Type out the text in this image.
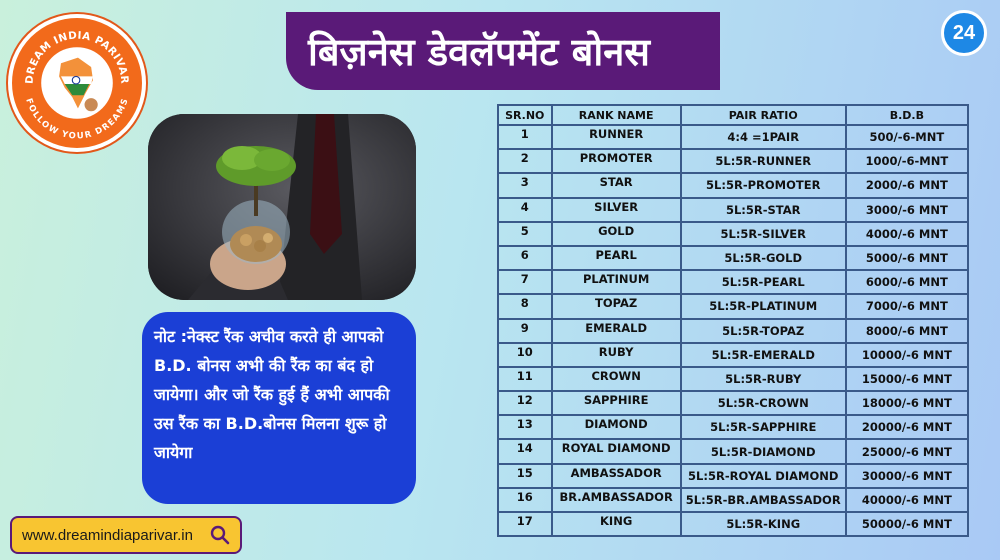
DREAM INDIA PARIVAR
FOLLOW YOUR DREAMS
बिज़नेस डेवलॅपमेंट बोनस	24

नोट :नेक्स्ट रैंक अचीव करते ही आपको B.D. बोनस अभी की रैंक का बंद हो जायेगा। और जो रैंक हुई हैं अभी आपकी उस रैंक का B.D.बोनस मिलना शुरू हो जायेगा

www.dreamindiaparivar.in
SR.NO	RANK NAME	PAIR RATIO	B.D.B
1	RUNNER	4:4 =1PAIR	500/-6-MNT
2	PROMOTER	5L:5R-RUNNER	1000/-6-MNT
3	STAR	5L:5R-PROMOTER	2000/-6 MNT
4	SILVER	5L:5R-STAR	3000/-6 MNT
5	GOLD	5L:5R-SILVER	4000/-6 MNT
6	PEARL	5L:5R-GOLD	5000/-6 MNT
7	PLATINUM	5L:5R-PEARL	6000/-6 MNT
8	TOPAZ	5L:5R-PLATINUM	7000/-6 MNT
9	EMERALD	5L:5R-TOPAZ	8000/-6 MNT
10	RUBY	5L:5R-EMERALD	10000/-6 MNT
11	CROWN	5L:5R-RUBY	15000/-6 MNT
12	SAPPHIRE	5L:5R-CROWN	18000/-6 MNT
13	DIAMOND	5L:5R-SAPPHIRE	20000/-6 MNT
14	ROYAL DIAMOND	5L:5R-DIAMOND	25000/-6 MNT
15	AMBASSADOR	5L:5R-ROYAL DIAMOND	30000/-6 MNT
16	BR.AMBASSADOR	5L:5R-BR.AMBASSADOR	40000/-6 MNT
17	KING	5L:5R-KING	50000/-6 MNT
